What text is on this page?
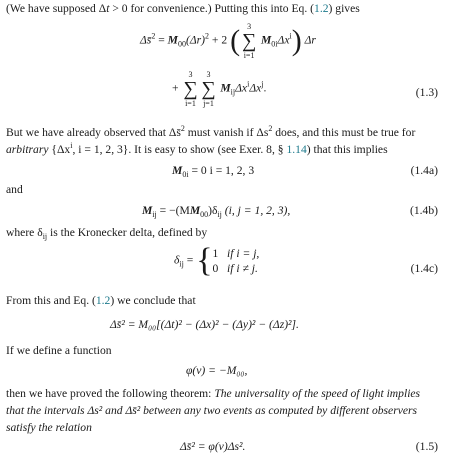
(We have supposed Δt > 0 for convenience.) Putting this into Eq. (1.2) gives
Δs̄$^2$ = $M_{00}(\Delta r)^2 + 2$ ( 3
∑
i=1
$M_{0i}\Delta x^i$) Δr
+
3
∑
i=1
3
∑
j=1
$M_{ij}\Delta x^i\Delta x^j$.	(1.3)
But we have already observed that Δs̄$^2$ must vanish if $\Delta s^2$ does, and this must be true for
arbitrary {$\Delta x^i$, i = 1, 2, 3}. It is easy to show (see Exer. 8, § 1.14) that this implies
$M_{0i} = 0$ i = 1, 2, 3	(1.4a)
and
$M_{ij} = -(MM_{00})\delta_{ij}$ (i, j = 1, 2, 3),	(1.4b)
where $\delta_{ij}$ is the Kronecker delta, defined by
$\delta_{ij} = \{1$ if i = j,
0 if i ≠ j.	(1.4c)
From this and Eq. (1.2) we conclude that
Δs̄² = M₀₀[(Δt)² − (Δx)² − (Δy)² − (Δz)²].
If we define a function
φ(v) = −M₀₀,
then we have proved the following theorem: The universality of the speed of light implies
that the intervals Δs² and Δs̄² between any two events as computed by different observers
satisfy the relation
Δs̄² = φ(v)Δs².	(1.5)
